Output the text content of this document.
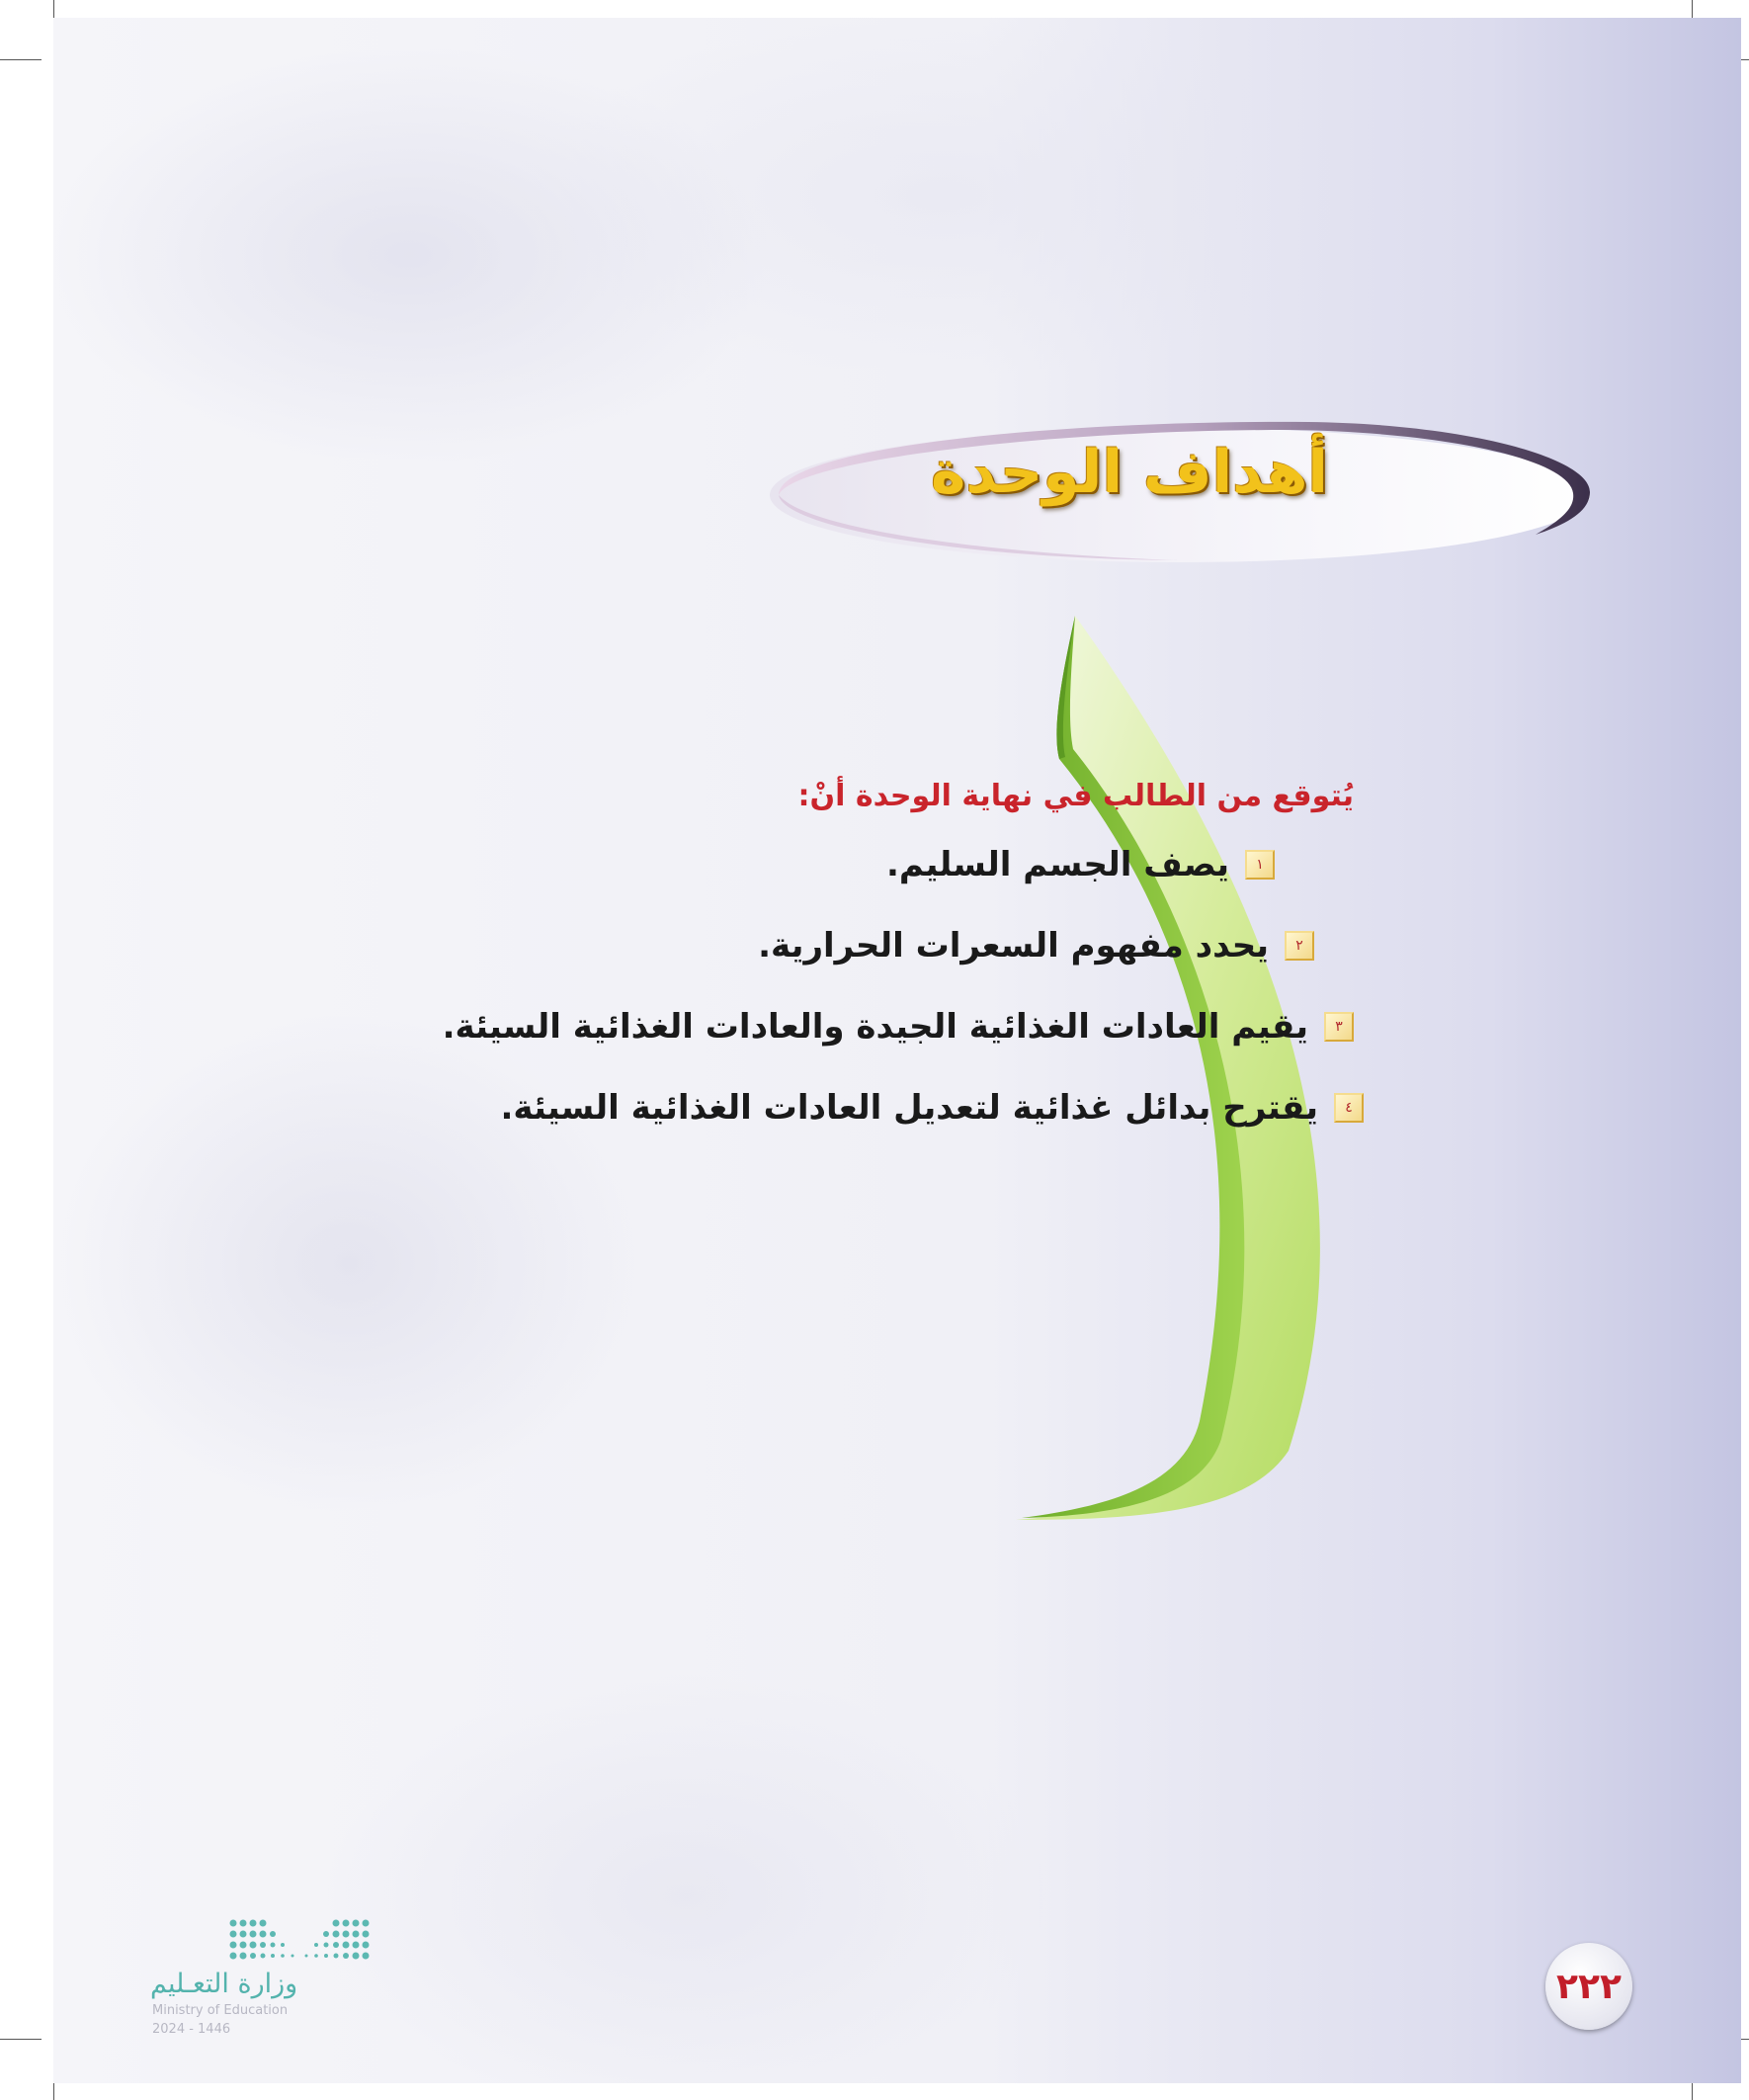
أهداف الوحدة

يُتوقع من الطالب في نهاية الوحدة أنْ:

١
يصف الجسم السليم.
٢
يحدد مفهوم السعرات الحرارية.
٣
يقيم العادات الغذائية الجيدة والعادات الغذائية السيئة.
٤
يقترح بدائل غذائية لتعديل العادات الغذائية السيئة.

وزارة التعـليم

Ministry of Education

2024 - 1446

٢٢٢
